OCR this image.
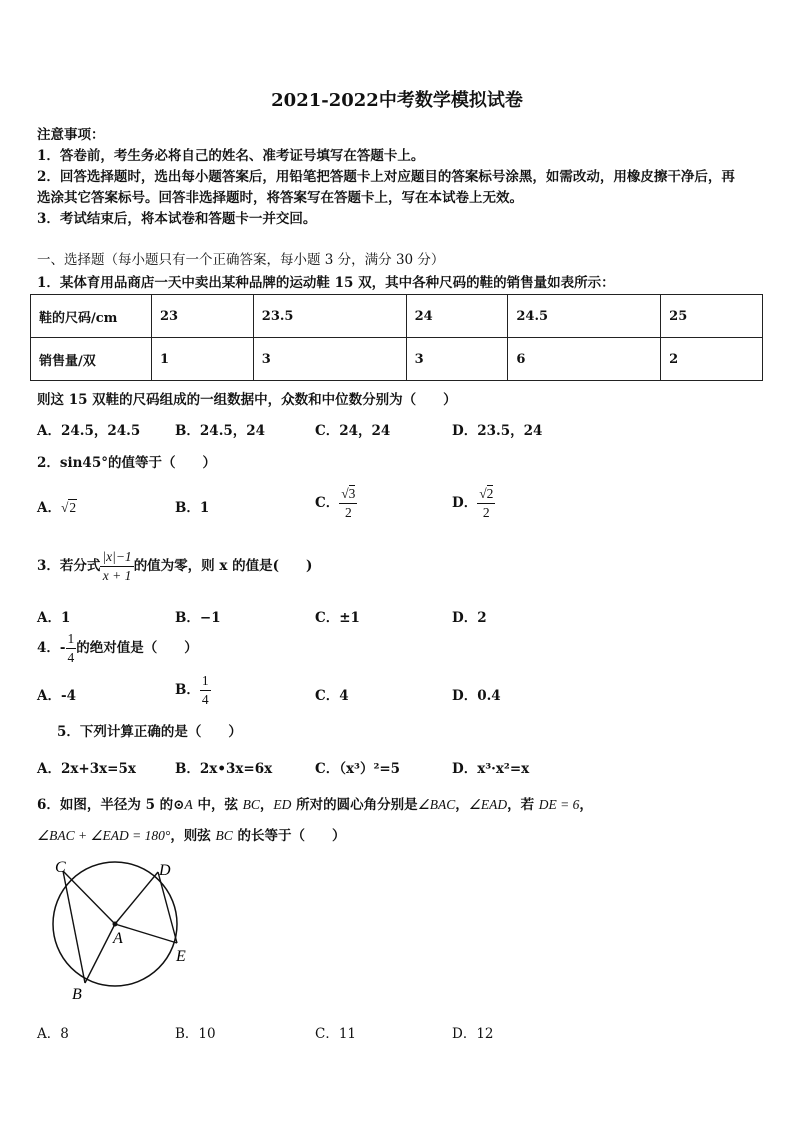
2021-2022中考数学模拟试卷
注意事项：
1．答卷前，考生务必将自己的姓名、准考证号填写在答题卡上。
2．回答选择题时，选出每小题答案后，用铅笔把答题卡上对应题目的答案标号涂黑，如需改动，用橡皮擦干净后，再
选涂其它答案标号。回答非选择题时，将答案写在答题卡上，写在本试卷上无效。
3．考试结束后，将本试卷和答题卡一并交回。
一、选择题（每小题只有一个正确答案，每小题 3 分，满分 30 分）
1．某体育用品商店一天中卖出某种品牌的运动鞋 15 双，其中各种尺码的鞋的销售量如表所示：
鞋的尺码/cm	23	23.5	24	24.5	25
销售量/双	1	3	3	6	2
则这 15 双鞋的尺码组成的一组数据中，众数和中位数分别为（　　）
A．24.5，24.5	B．24.5，24	C．24，24	D．23.5，24
2．sin45°的值等于（　　）
A．√2	B．1	C． $\frac{√3}{2}$	D． $\frac{√2}{2}$
3．若分式 $\frac{|x|-1}{x + 1}$ 的值为零，则 x 的值是(　　)
A．1	B．−1	C．±1	D．2
4．- $\frac{1}{4}$ 的绝对值是（　　）
A．-4	B． $\frac{1}{4}$	C．4	D．0.4
5．下列计算正确的是（　　）
A．2x+3x=5x	B．2x•3x=6x	C．（x³）²=5	D．x³·x²=x
6．如图，半径为 5 的⊙A 中，弦 BC，ED 所对的圆心角分别是∠BAC，∠EAD，若 DE = 6，
∠BAC + ∠EAD = 180°，则弦 BC 的长等于（　　）
C	D
A
E
B
A．8	B．10	C．11	D．12
